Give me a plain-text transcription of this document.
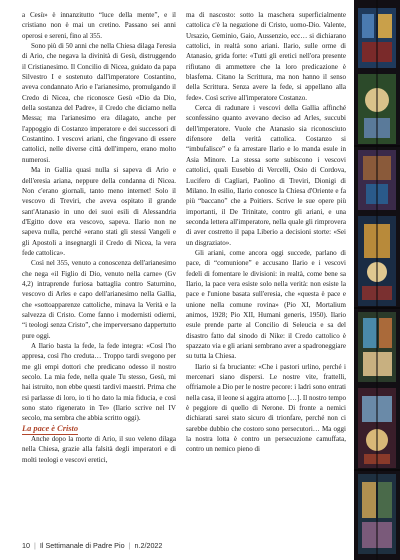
a Cesù» è innanzitutto “luce della mente”, e il cristiano non è mai un cretino. Passano sei anni operosi e sereni, fino al 355.

Sono più di 50 anni che nella Chiesa dilaga l'eresia di Ario, che negava la divinità di Gesù, distruggendo il Cristianesimo. Il Concilio di Nicea, guidato da papa Silvestro I e sostenuto dall'imperatore Costantino, aveva condannato Ario e l'arianesimo, promulgando il Credo di Nicea, che riconosce Gesù «Dio da Dio, della sostanza del Padre», il Credo che diciamo nella Messa; ma l'arianesimo era dilagato, anche per l'appoggio di Costanzo imperatore e dei successori di Costantino. I vescovi ariani, che fingevano di essere cattolici, nelle diverse città dell'impero, erano molto numerosi.

Ma in Gallia quasi nulla si sapeva di Ario e dell'eresia ariana, neppure della condanna di Nicea. Non c'erano giornali, tanto meno internet! Solo il vescovo di Treviri, che aveva ospitato il grande sant'Atanasio in uno dei suoi esili di Alessandria d'Egitto dove era vescovo, sapeva. Ilario non ne sapeva nulla, perché «erano stati gli stessi Vangeli e gli Apostoli a insegnargli il Credo di Nicea, la vera fede cattolica».

Così nel 355, venuto a conoscenza dell'arianesimo che nega «il Figlio di Dio, venuto nella carne» (Gv 4,2) intraprende furiosa battaglia contro Saturnino, vescovo di Arles e capo dell'arianesimo nella Gallia, che «sottoapparenze cattoliche, minava la Verità e la salvezza di Cristo. Come fanno i modernisti odierni, “i teologi senza Cristo”, che imperversano dappertutto pure oggi.

A Ilario basta la fede, la fede integra: «Così l'ho appresa, così l'ho creduta… Troppo tardi svegono per me gli empi dottori che predicano odesso il nostro secolo. La mia fede, nella quale Tu stesso, Gesù, mi hai istruito, non ebbe questi tardivi maestri. Prima che rsi parlasse di loro, io ti ho dato la mia fiducia, e così sono stato rigenerato in Te» (Ilario scrive nel IV secolo, ma sembra che abbia scritto oggi).

La pace è Cristo

Anche dopo la morte di Ario, il suo veleno dilaga nella Chiesa, grazie alla falsità degli imperatori e di molti teologi e vescovi eretici,

ma di nascosto: sotto la maschera superficialmente cattolica c'è la negazione di Cristo, uomo-Dio. Valente, Ursazio, Geminio, Gaio, Aussenzio, ecc… si dichiarano cattolici, in realtà sono ariani. Ilario, sulle orme di Atanasio, grida forte: «Tutti gli eretici nell'ora presente rifiutano di ammettere che la loro predicazione è blasfema. Citano la Scrittura, ma non hanno il senso della Scrittura. Senza avere la fede, si appellano alla fede». Così scrive all'imperatore Costanzo.

Cerca di radunare i vescovi della Gallia affinché sconfessino quanto avevano deciso ad Arles, succubi dell'imperatore. Vuole che Atanasio sia riconosciuto difensore della verità cattolica. Costanzo si “imbufalisce” e fa arrestare Ilario e lo manda esule in Asia Minore. La stessa sorte subiscono i vescovi cattolici, quali Eusebio di Vercelli, Osio di Cordova, Lucifero di Cagliari, Paolino di Treviri, Dionigi di Milano. In esilio, Ilario conosce la Chiesa d'Oriente e fa più “baccano” che a Poitiers. Scrive le sue opere più importanti, il De Trinitate, contro gli ariani, e una seconda lettera all'imperatore, nella quale gli rimprovera di aver costretto il papa Liberio a decisioni storte: «Sei un disgraziato».

Gli ariani, come ancora oggi succede, parlano di pace, di “comunione” e accusano Ilario e i vescovi fedeli di fomentare le divisioni: in realtà, come bene sa Ilario, la pace vera esiste solo nella verità: non esiste la pace e l'unione basata sull'eresia, che «questa è pace e unione nella comune rovina» (Pio XI, Mortalium animos, 1928; Pio XII, Humani generis, 1950). Ilario esule prende parte al Concilio di Seleucia e sa del disastro fatto dal sinodo di Nike: il Credo cattolico è spazzato via e gli ariani sembrano aver a spadroneggiare su tutta la Chiesa.

Ilario si fa bruciante: «Che i pastori urlino, perché i mercenari siano dispersi. Le nostre vite, frattelli, offriamole a Dio per le nostre pecore: i ladri sono entrati nella casa, il leone si aggira attorno […]. Il nostro tempo è peggiore di quello di Nerone. Di fronte a nemici dichiarati sarei stato sicuro di trionfare, perché non ci sarebbe dubbio che costoro sono persecutori… Ma oggi la nostra lotta è contro un persecuzione camuffata, contro un nemico pieno di

10 | Il Settimanale di Padre Pio | n.2/2022
